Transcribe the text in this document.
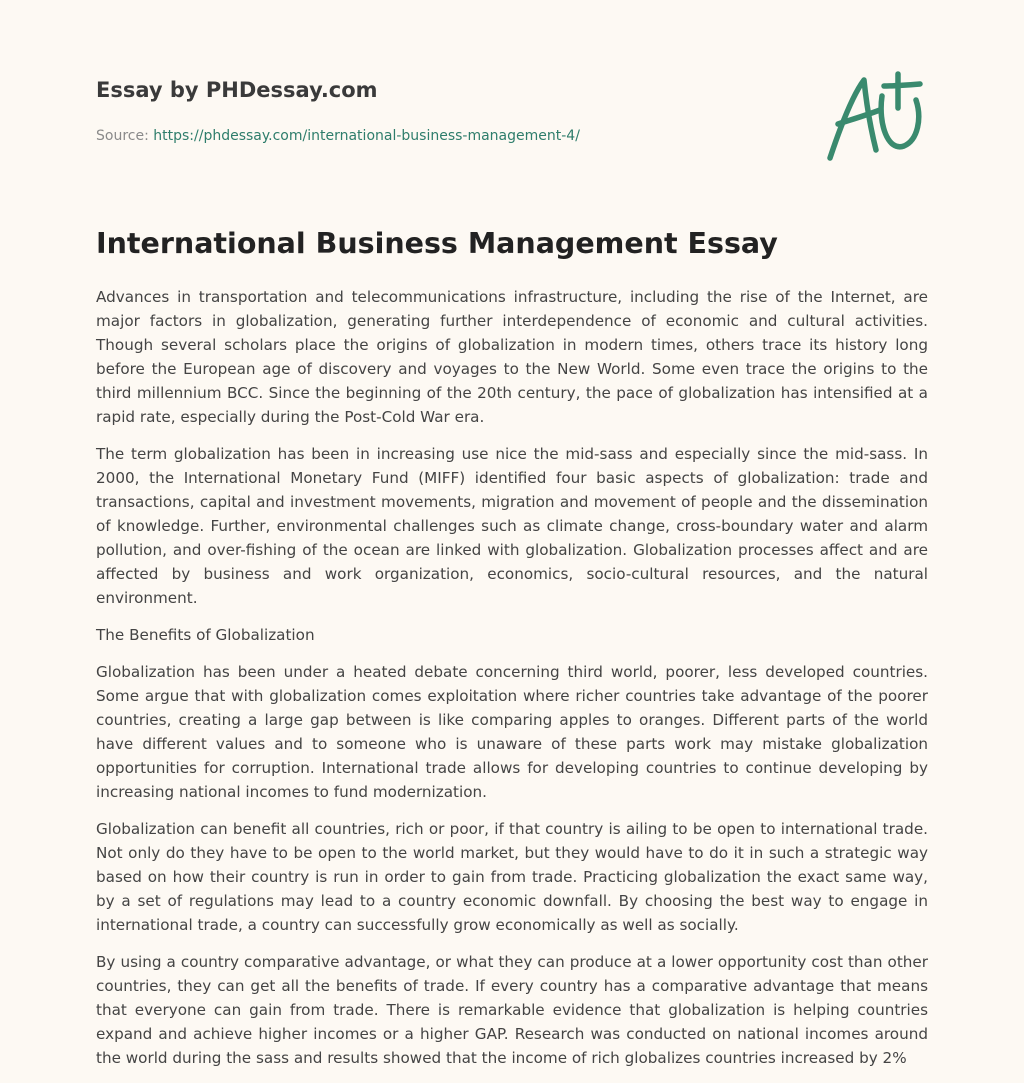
Essay by PHDessay.com
Source: https://phdessay.com/international-business-management-4/
International Business Management Essay

Advances in transportation and telecommunications infrastructure, including the rise of the Internet, are major factors in globalization, generating further interdependence of economic and cultural activities. Though several scholars place the origins of globalization in modern times, others trace its history long before the European age of discovery and voyages to the New World. Some even trace the origins to the third millennium BCC. Since the beginning of the 20th century, the pace of globalization has intensified at a rapid rate, especially during the Post-Cold War era.

The term globalization has been in increasing use nice the mid-sass and especially since the mid-sass. In 2000, the International Monetary Fund (MIFF) identified four basic aspects of globalization: trade and transactions, capital and investment movements, migration and movement of people and the dissemination of knowledge. Further, environmental challenges such as climate change, cross-boundary water and alarm pollution, and over-fishing of the ocean are linked with globalization. Globalization processes affect and are affected by business and work organization, economics, socio-cultural resources, and the natural environment.

The Benefits of Globalization

Globalization has been under a heated debate concerning third world, poorer, less developed countries. Some argue that with globalization comes exploitation where richer countries take advantage of the poorer countries, creating a large gap between is like comparing apples to oranges. Different parts of the world have different values and to someone who is unaware of these parts work may mistake globalization opportunities for corruption. International trade allows for developing countries to continue developing by increasing national incomes to fund modernization.

Globalization can benefit all countries, rich or poor, if that country is ailing to be open to international trade. Not only do they have to be open to the world market, but they would have to do it in such a strategic way based on how their country is run in order to gain from trade. Practicing globalization the exact same way, by a set of regulations may lead to a country economic downfall. By choosing the best way to engage in international trade, a country can successfully grow economically as well as socially.

By using a country comparative advantage, or what they can produce at a lower opportunity cost than other countries, they can get all the benefits of trade. If every country has a comparative advantage that means that everyone can gain from trade. There is remarkable evidence that globalization is helping countries expand and achieve higher incomes or a higher GAP. Research was conducted on national incomes around the world during the sass and results showed that the income of rich globalizes countries increased by 2%
